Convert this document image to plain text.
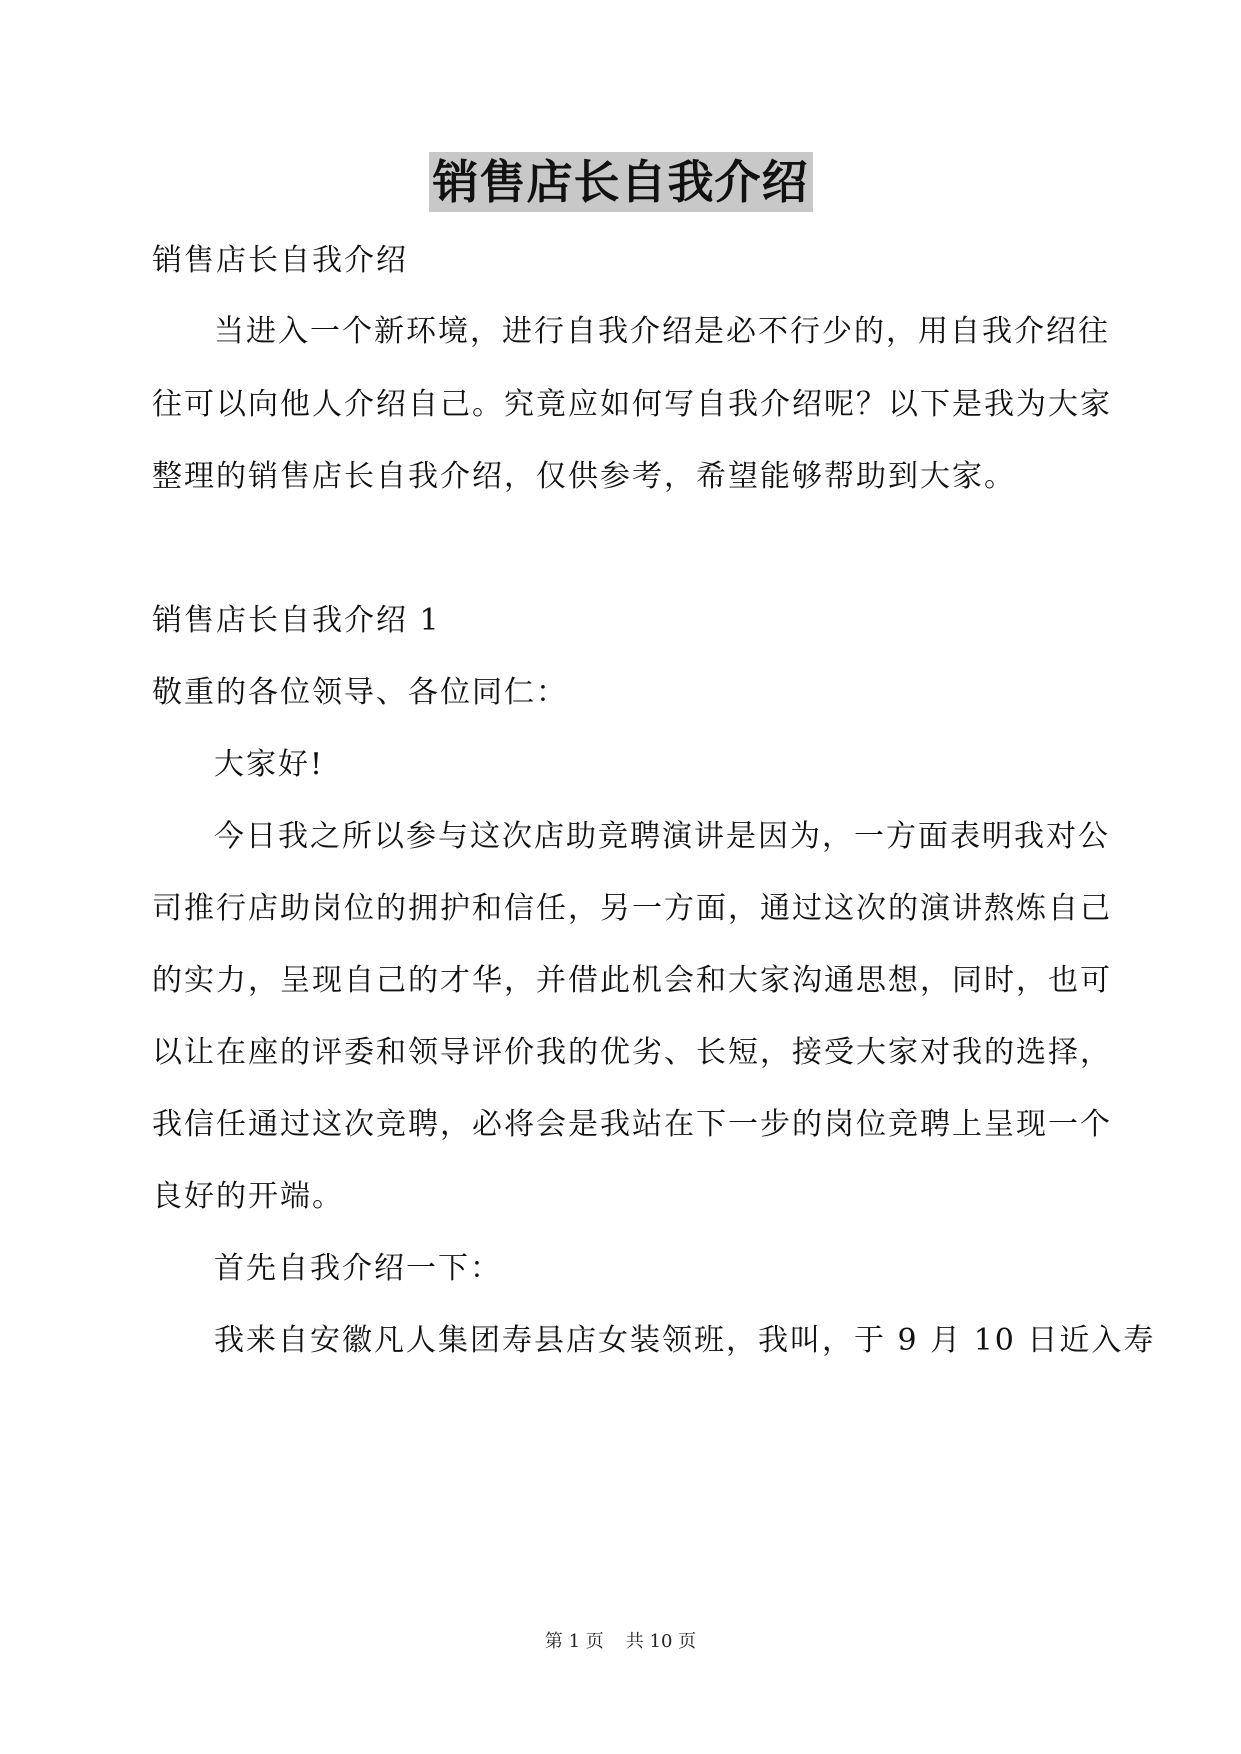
销售店长自我介绍
销售店长自我介绍
当进入一个新环境，进行自我介绍是必不行少的，用自我介绍往
往可以向他人介绍自己。究竟应如何写自我介绍呢？以下是我为大家
整理的销售店长自我介绍，仅供参考，希望能够帮助到大家。
销售店长自我介绍 1
敬重的各位领导、各位同仁：
大家好!
今日我之所以参与这次店助竞聘演讲是因为，一方面表明我对公
司推行店助岗位的拥护和信任，另一方面，通过这次的演讲熬炼自己
的实力，呈现自己的才华，并借此机会和大家沟通思想，同时，也可
以让在座的评委和领导评价我的优劣、长短，接受大家对我的选择，
我信任通过这次竞聘，必将会是我站在下一步的岗位竞聘上呈现一个
良好的开端。
首先自我介绍一下：
我来自安徽凡人集团寿县店女装领班，我叫，于 9 月 10 日近入寿
第 1 页 共 10 页
